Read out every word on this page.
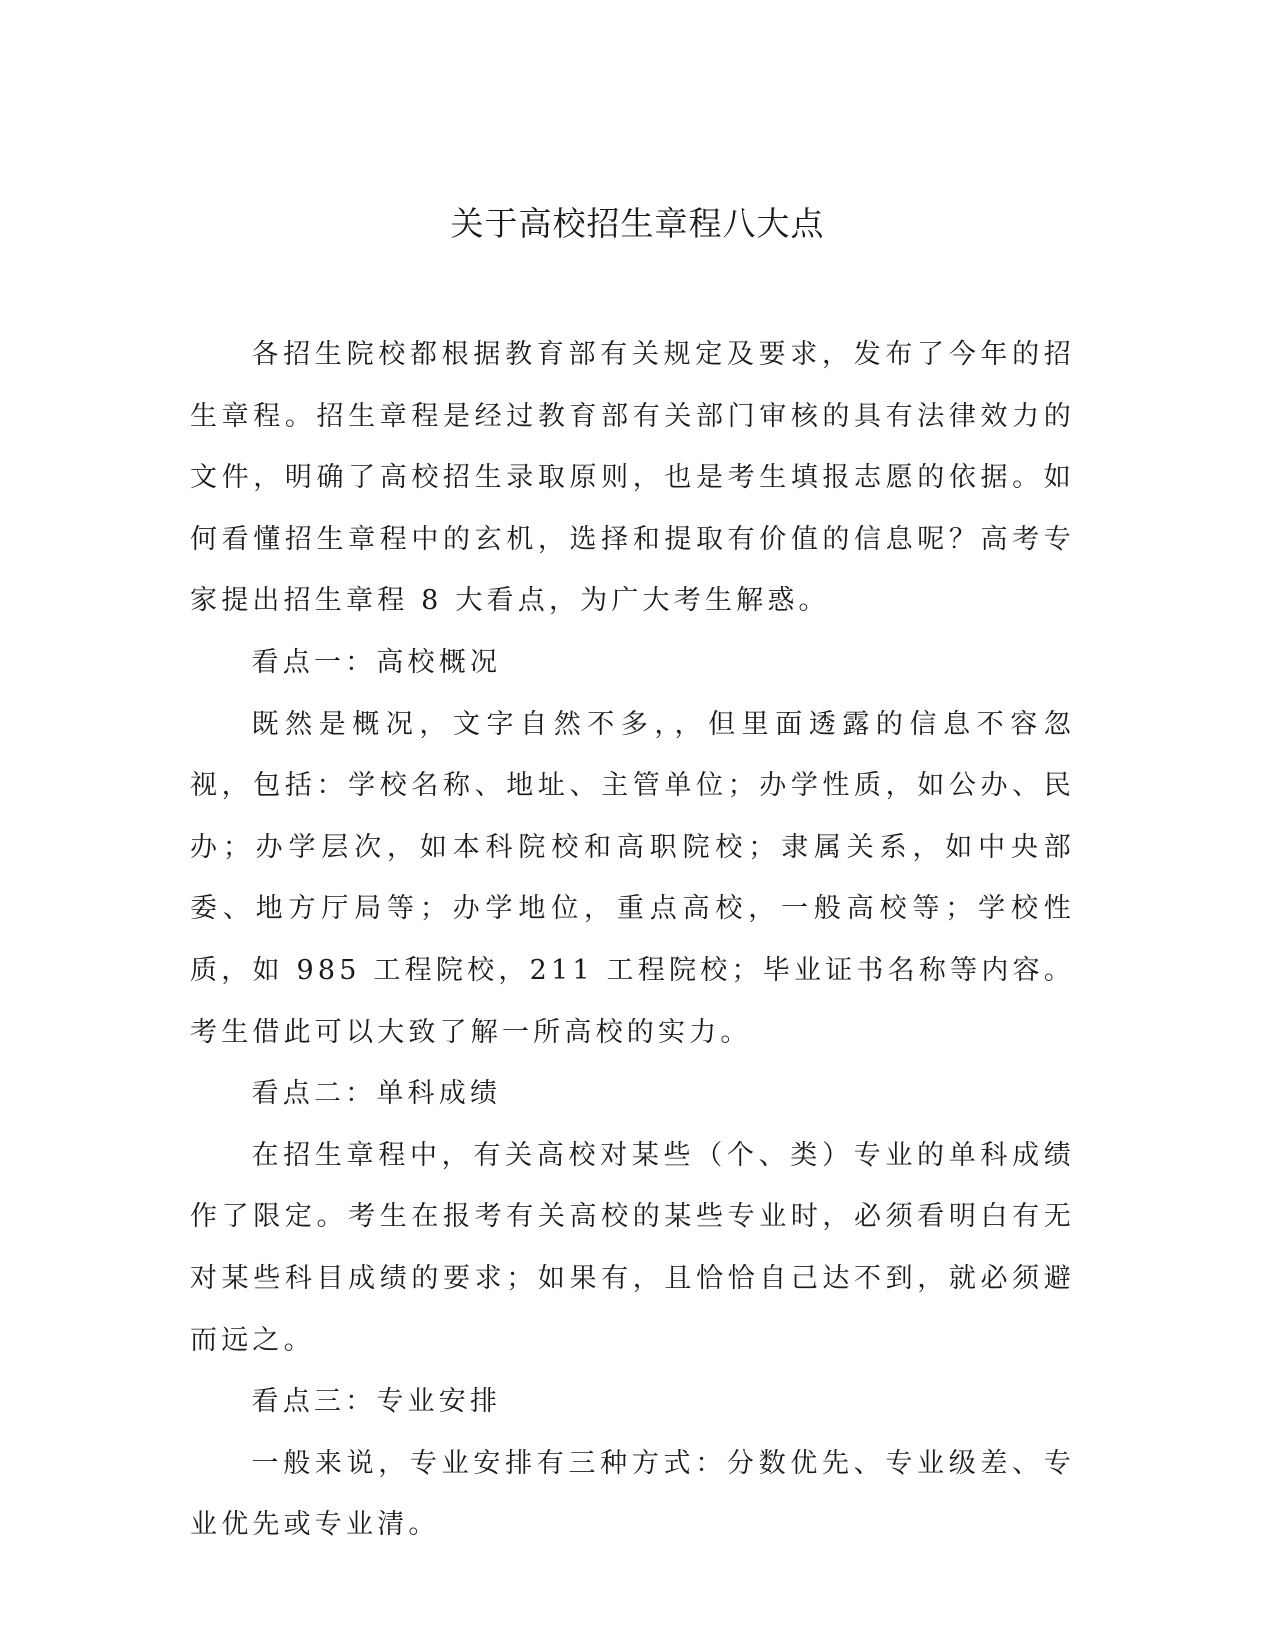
关于高校招生章程八大点

各招生院校都根据教育部有关规定及要求，发布了今年的招生章程。招生章程是经过教育部有关部门审核的具有法律效力的文件，明确了高校招生录取原则，也是考生填报志愿的依据。如何看懂招生章程中的玄机，选择和提取有价值的信息呢？高考专家提出招生章程 8 大看点，为广大考生解惑。

看点一：高校概况

既然是概况，文字自然不多，，但里面透露的信息不容忽视，包括：学校名称、地址、主管单位；办学性质，如公办、民办；办学层次，如本科院校和高职院校；隶属关系，如中央部委、地方厅局等；办学地位，重点高校，一般高校等；学校性质，如 985 工程院校，211 工程院校；毕业证书名称等内容。考生借此可以大致了解一所高校的实力。

看点二：单科成绩

在招生章程中，有关高校对某些（个、类）专业的单科成绩作了限定。考生在报考有关高校的某些专业时，必须看明白有无对某些科目成绩的要求；如果有，且恰恰自己达不到，就必须避而远之。

看点三：专业安排

一般来说，专业安排有三种方式：分数优先、专业级差、专业优先或专业清。
